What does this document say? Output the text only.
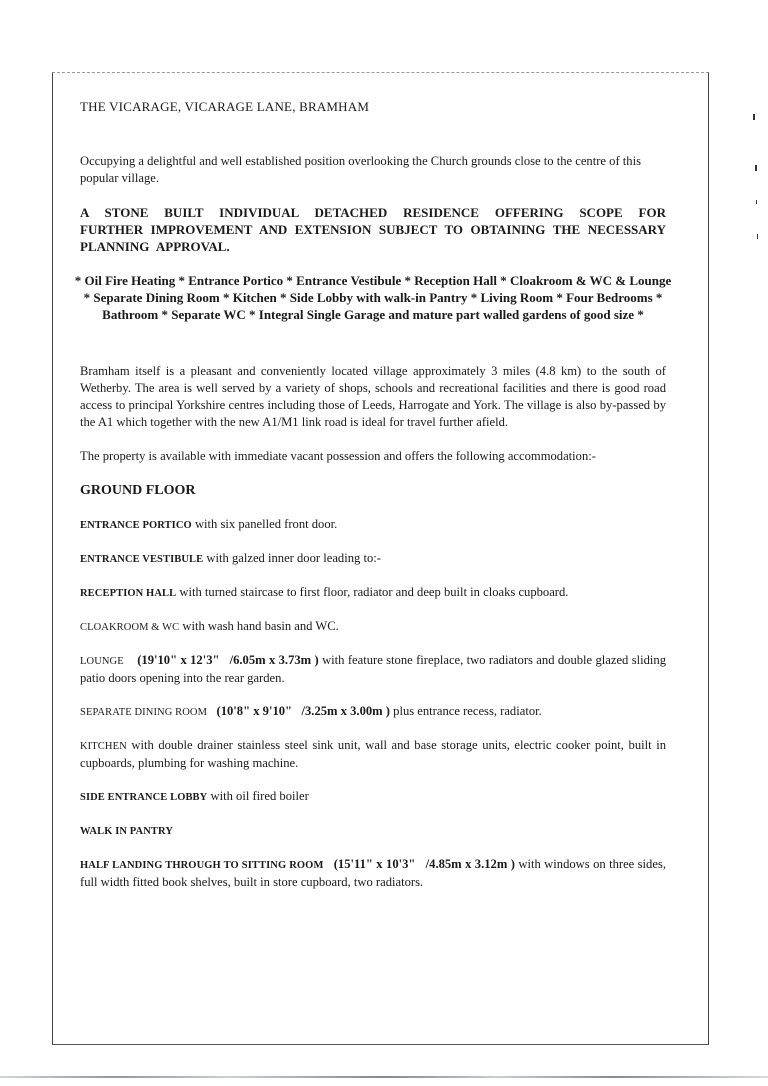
THE VICARAGE, VICARAGE LANE, BRAMHAM

Occupying a delightful and well established position overlooking the Church grounds close to the centre of this popular village.

A STONE BUILT INDIVIDUAL DETACHED RESIDENCE OFFERING SCOPE FOR FURTHER IMPROVEMENT AND EXTENSION SUBJECT TO OBTAINING THE NECESSARY PLANNING APPROVAL.

* Oil Fire Heating * Entrance Portico * Entrance Vestibule * Reception Hall * Cloakroom & WC & Lounge * Separate Dining Room * Kitchen * Side Lobby with walk-in Pantry * Living Room * Four Bedrooms * Bathroom * Separate WC * Integral Single Garage and mature part walled gardens of good size *

Bramham itself is a pleasant and conveniently located village approximately 3 miles (4.8 km) to the south of Wetherby. The area is well served by a variety of shops, schools and recreational facilities and there is good road access to principal Yorkshire centres including those of Leeds, Harrogate and York. The village is also by-passed by the A1 which together with the new A1/M1 link road is ideal for travel further afield.

The property is available with immediate vacant possession and offers the following accommodation:-

GROUND FLOOR

ENTRANCE PORTICO with six panelled front door.

ENTRANCE VESTIBULE with galzed inner door leading to:-

RECEPTION HALL with turned staircase to first floor, radiator and deep built in cloaks cupboard.

CLOAKROOM & WC with wash hand basin and WC.

LOUNGE (19'10" x 12'3"   /6.05m x 3.73m ) with feature stone fireplace, two radiators and double glazed sliding patio doors opening into the rear garden.

SEPARATE DINING ROOM (10'8" x 9'10"   /3.25m x 3.00m ) plus entrance recess, radiator.

KITCHEN with double drainer stainless steel sink unit, wall and base storage units, electric cooker point, built in cupboards, plumbing for washing machine.

SIDE ENTRANCE LOBBY with oil fired boiler

WALK IN PANTRY

HALF LANDING THROUGH TO SITTING ROOM (15'11" x 10'3"   /4.85m x 3.12m ) with windows on three sides, full width fitted book shelves, built in store cupboard, two radiators.
